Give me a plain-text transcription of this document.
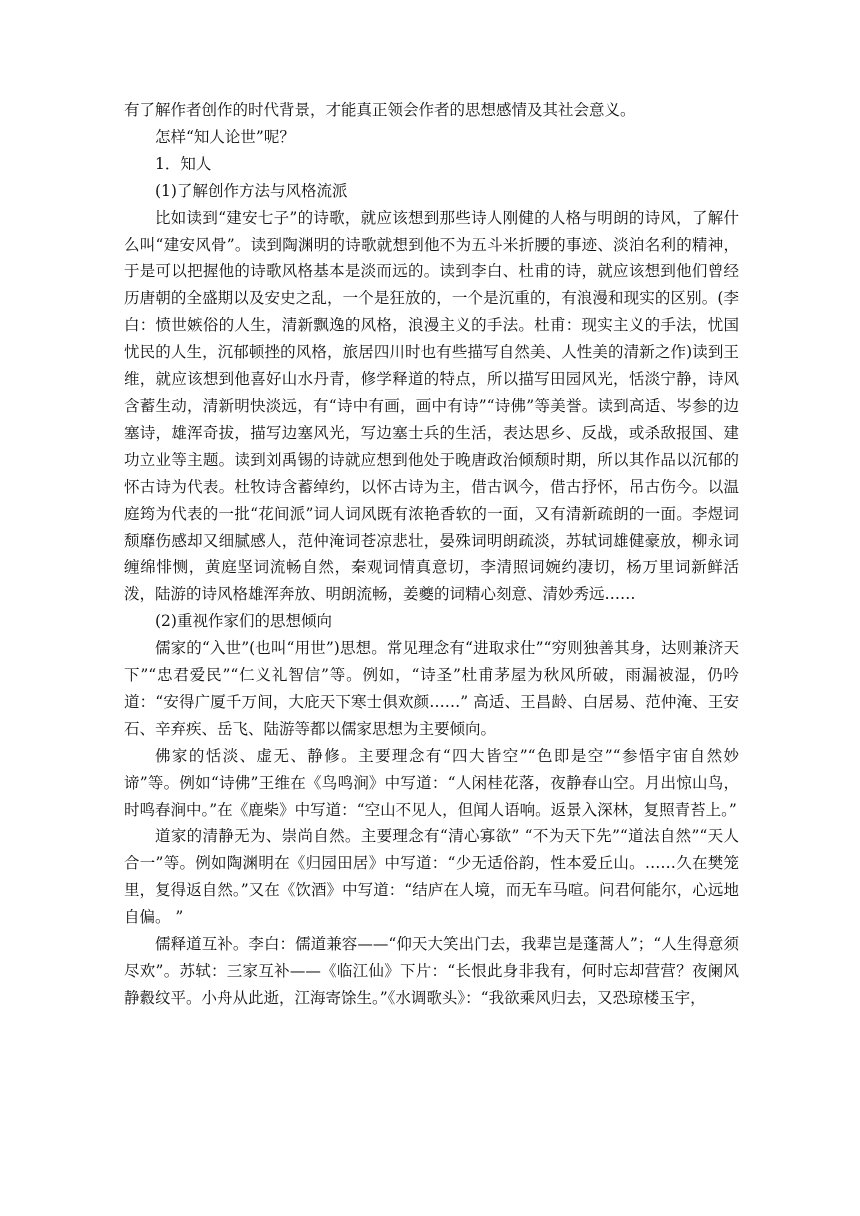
有了解作者创作的时代背景，才能真正领会作者的思想感情及其社会意义。

怎样“知人论世”呢？

1．知人

(1)了解创作方法与风格流派

比如读到“建安七子”的诗歌，就应该想到那些诗人刚健的人格与明朗的诗风，了解什么叫“建安风骨”。读到陶渊明的诗歌就想到他不为五斗米折腰的事迹、淡泊名利的精神，于是可以把握他的诗歌风格基本是淡而远的。读到李白、杜甫的诗，就应该想到他们曾经历唐朝的全盛期以及安史之乱，一个是狂放的，一个是沉重的，有浪漫和现实的区别。(李白：愤世嫉俗的人生，清新飘逸的风格，浪漫主义的手法。杜甫：现实主义的手法，忧国忧民的人生，沉郁顿挫的风格，旅居四川时也有些描写自然美、人性美的清新之作)读到王维，就应该想到他喜好山水丹青，修学释道的特点，所以描写田园风光，恬淡宁静，诗风含蓄生动，清新明快淡远，有“诗中有画，画中有诗”“诗佛”等美誉。读到高适、岑参的边塞诗，雄浑奇拔，描写边塞风光，写边塞士兵的生活，表达思乡、反战，或杀敌报国、建功立业等主题。读到刘禹锡的诗就应想到他处于晚唐政治倾颓时期，所以其作品以沉郁的怀古诗为代表。杜牧诗含蓄绰约，以怀古诗为主，借古讽今，借古抒怀，吊古伤今。以温庭筠为代表的一批“花间派”词人词风既有浓艳香软的一面，又有清新疏朗的一面。李煜词颓靡伤感却又细腻感人，范仲淹词苍凉悲壮，晏殊词明朗疏淡，苏轼词雄健豪放，柳永词缠绵悱恻，黄庭坚词流畅自然，秦观词情真意切，李清照词婉约凄切，杨万里词新鲜活泼，陆游的诗风格雄浑奔放、明朗流畅，姜夔的词精心刻意、清妙秀远……

(2)重视作家们的思想倾向

儒家的“入世”(也叫“用世”)思想。常见理念有“进取求仕”“穷则独善其身，达则兼济天下”“忠君爱民”“仁义礼智信”等。例如，“诗圣”杜甫茅屋为秋风所破，雨漏被湿，仍吟道：“安得广厦千万间，大庇天下寒士俱欢颜……” 高适、王昌龄、白居易、范仲淹、王安石、辛弃疾、岳飞、陆游等都以儒家思想为主要倾向。

佛家的恬淡、虚无、静修。主要理念有“四大皆空”“色即是空”“参悟宇宙自然妙谛”等。例如“诗佛”王维在《鸟鸣涧》中写道：“人闲桂花落，夜静春山空。月出惊山鸟，时鸣春涧中。”在《鹿柴》中写道：“空山不见人，但闻人语响。返景入深林，复照青苔上。”

道家的清静无为、崇尚自然。主要理念有“清心寡欲” “不为天下先”“道法自然”“天人合一”等。例如陶渊明在《归园田居》中写道：“少无适俗韵，性本爱丘山。……久在樊笼里，复得返自然。”又在《饮酒》中写道：“结庐在人境，而无车马喧。问君何能尔，心远地自偏。 ”

儒释道互补。李白：儒道兼容——“仰天大笑出门去，我辈岂是蓬蒿人”；“人生得意须尽欢”。苏轼：三家互补——《临江仙》下片：“长恨此身非我有，何时忘却营营？夜阑风静縠纹平。小舟从此逝，江海寄馀生。”《水调歌头》：“我欲乘风归去，又恐琼楼玉宇，
